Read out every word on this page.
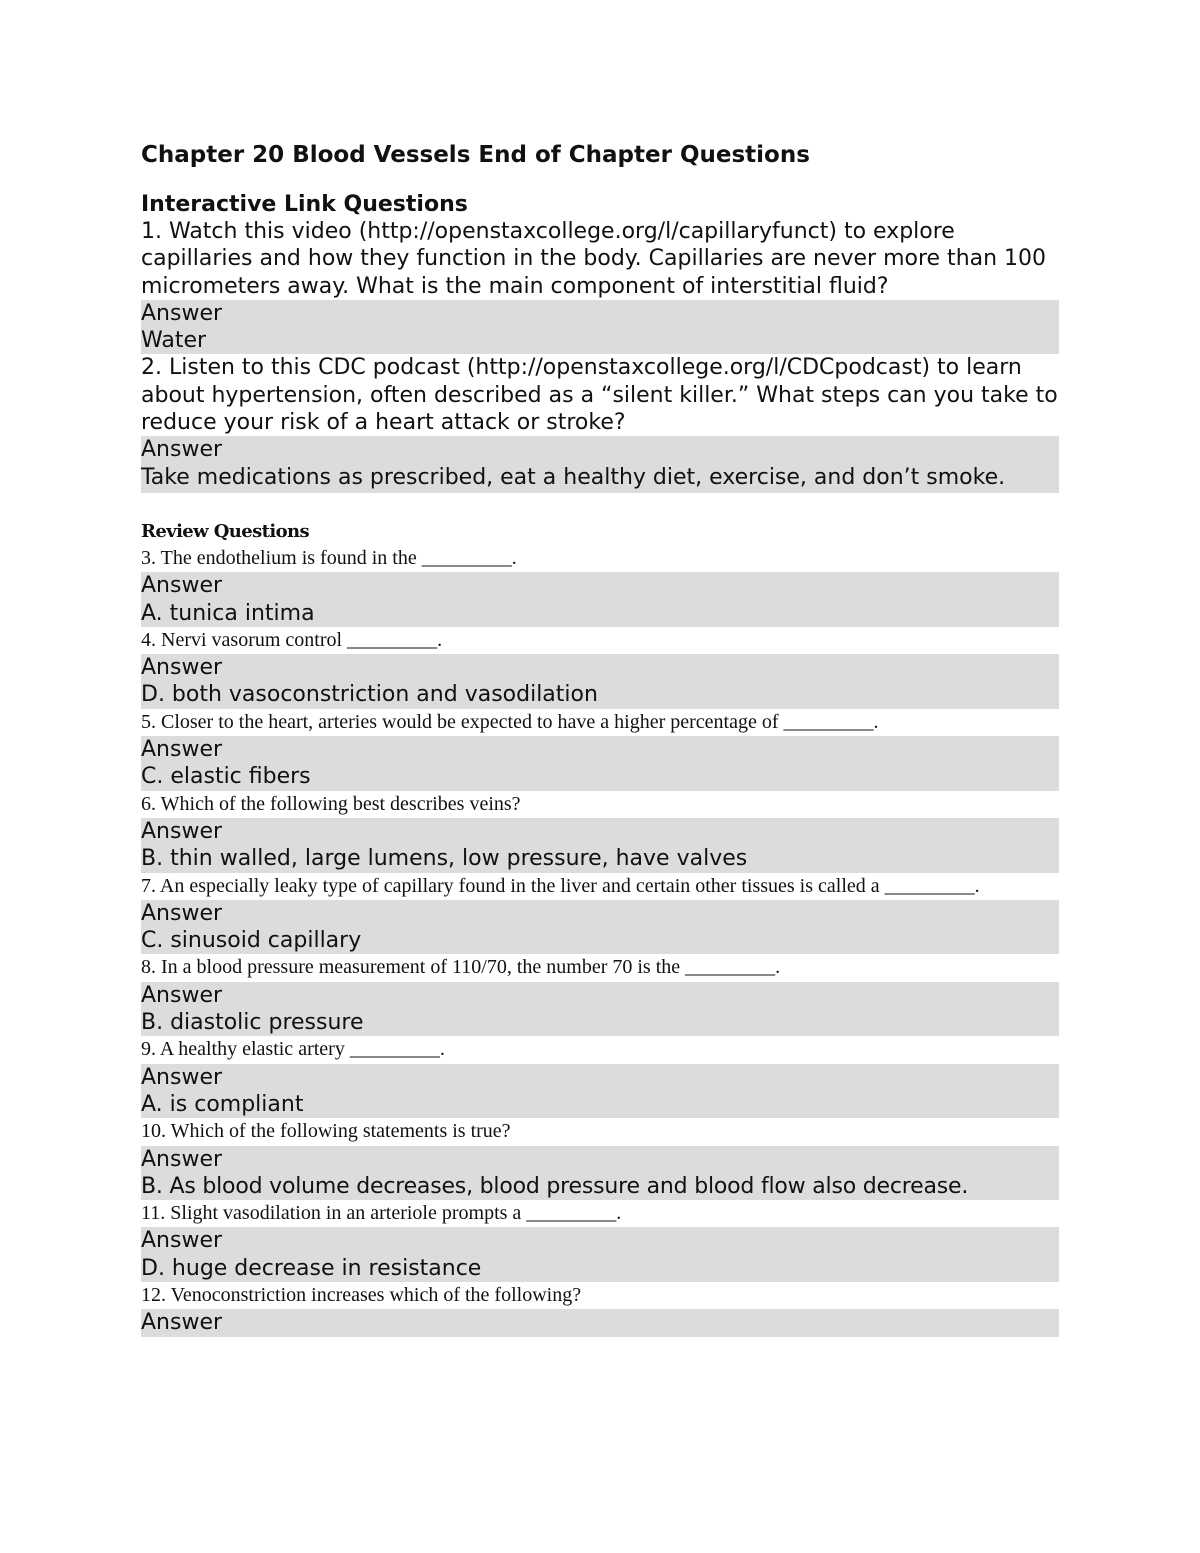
Chapter 20 Blood Vessels End of Chapter Questions
Interactive Link Questions
1. Watch this video (http://openstaxcollege.org/l/capillaryfunct) to explore capillaries and how they function in the body. Capillaries are never more than 100 micrometers away. What is the main component of interstitial fluid?
Answer
Water
2. Listen to this CDC podcast (http://openstaxcollege.org/l/CDCpodcast) to learn about hypertension, often described as a “silent killer.” What steps can you take to reduce your risk of a heart attack or stroke?
Answer
Take medications as prescribed, eat a healthy diet, exercise, and don’t smoke.
Review Questions
3. The endothelium is found in the _________.
Answer
A. tunica intima
4. Nervi vasorum control _________.
Answer
D. both vasoconstriction and vasodilation
5. Closer to the heart, arteries would be expected to have a higher percentage of _________.
Answer
C. elastic fibers
6. Which of the following best describes veins?
Answer
B. thin walled, large lumens, low pressure, have valves
7. An especially leaky type of capillary found in the liver and certain other tissues is called a _________.
Answer
C. sinusoid capillary
8. In a blood pressure measurement of 110/70, the number 70 is the _________.
Answer
B. diastolic pressure
9. A healthy elastic artery _________.
Answer
A. is compliant
10. Which of the following statements is true?
Answer
B. As blood volume decreases, blood pressure and blood flow also decrease.
11. Slight vasodilation in an arteriole prompts a _________.
Answer
D. huge decrease in resistance
12. Venoconstriction increases which of the following?
Answer
